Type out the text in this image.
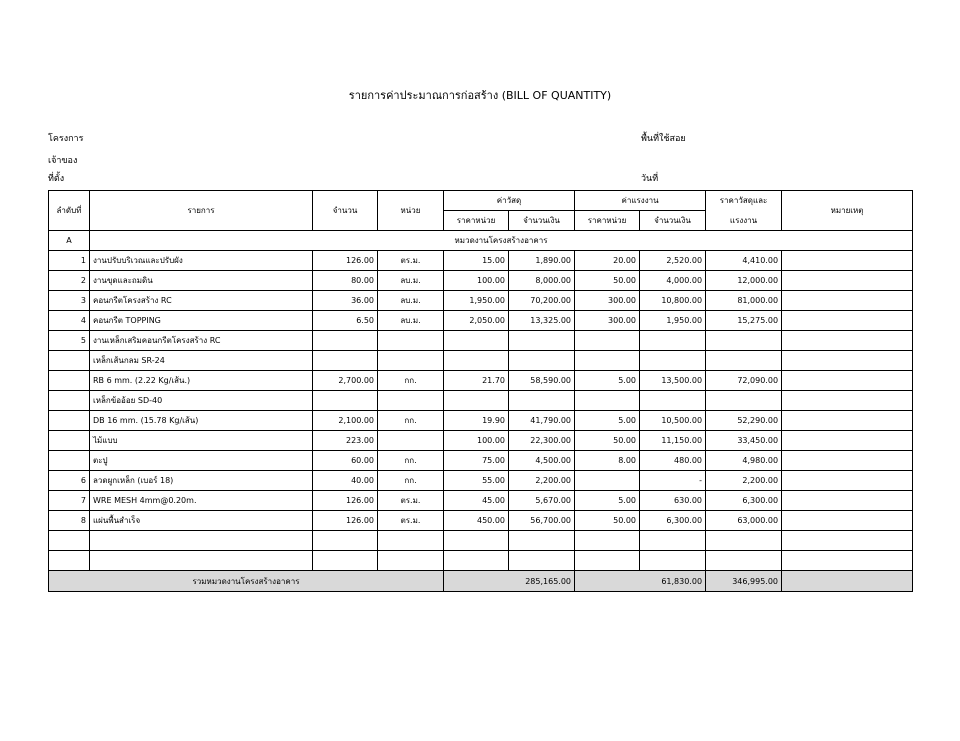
รายการค่าประมาณการก่อสร้าง (BILL OF QUANTITY)
โครงการ
เจ้าของ
ที่ตั้ง
พื้นที่ใช้สอย
วันที่
ลำดับที่	รายการ	จำนวน	หน่วย	ค่าวัสดุ		ค่าแรงงาน		ราคาวัสดุและ	หมายเหตุ
				ราคาหน่วย	จำนวนเงิน	ราคาหน่วย	จำนวนเงิน	แรงงาน	
A	หมวดงานโครงสร้างอาคาร								
1	งานปรับบริเวณและปรับผัง	126.00	ตร.ม.	15.00	1,890.00	20.00	2,520.00	4,410.00	
2	งานขุดและถมดิน	80.00	ลบ.ม.	100.00	8,000.00	50.00	4,000.00	12,000.00	
3	คอนกรีตโครงสร้าง RC	36.00	ลบ.ม.	1,950.00	70,200.00	300.00	10,800.00	81,000.00	
4	คอนกรีต TOPPING	6.50	ลบ.ม.	2,050.00	13,325.00	300.00	1,950.00	15,275.00	
5	งานเหล็กเสริมคอนกรีตโครงสร้าง RC								
	เหล็กเส้นกลม SR-24								
	RB 6 mm. (2.22 Kg/เส้น.)	2,700.00	กก.	21.70	58,590.00	5.00	13,500.00	72,090.00	
	เหล็กข้ออ้อย SD-40								
	DB 16 mm. (15.78 Kg/เส้น)	2,100.00	กก.	19.90	41,790.00	5.00	10,500.00	52,290.00	
	ไม้แบบ	223.00		100.00	22,300.00	50.00	11,150.00	33,450.00	
	ตะปู	60.00	กก.	75.00	4,500.00	8.00	480.00	4,980.00	
6	ลวดผูกเหล็ก (เบอร์ 18)	40.00	กก.	55.00	2,200.00		-	2,200.00	
7	WRE MESH 4mm@0.20m.	126.00	ตร.ม.	45.00	5,670.00	5.00	630.00	6,300.00	
8	แผ่นพื้นสำเร็จ	126.00	ตร.ม.	450.00	56,700.00	50.00	6,300.00	63,000.00	

รวมหมวดงานโครงสร้างอาคาร				285,165.00		61,830.00		346,995.00	
